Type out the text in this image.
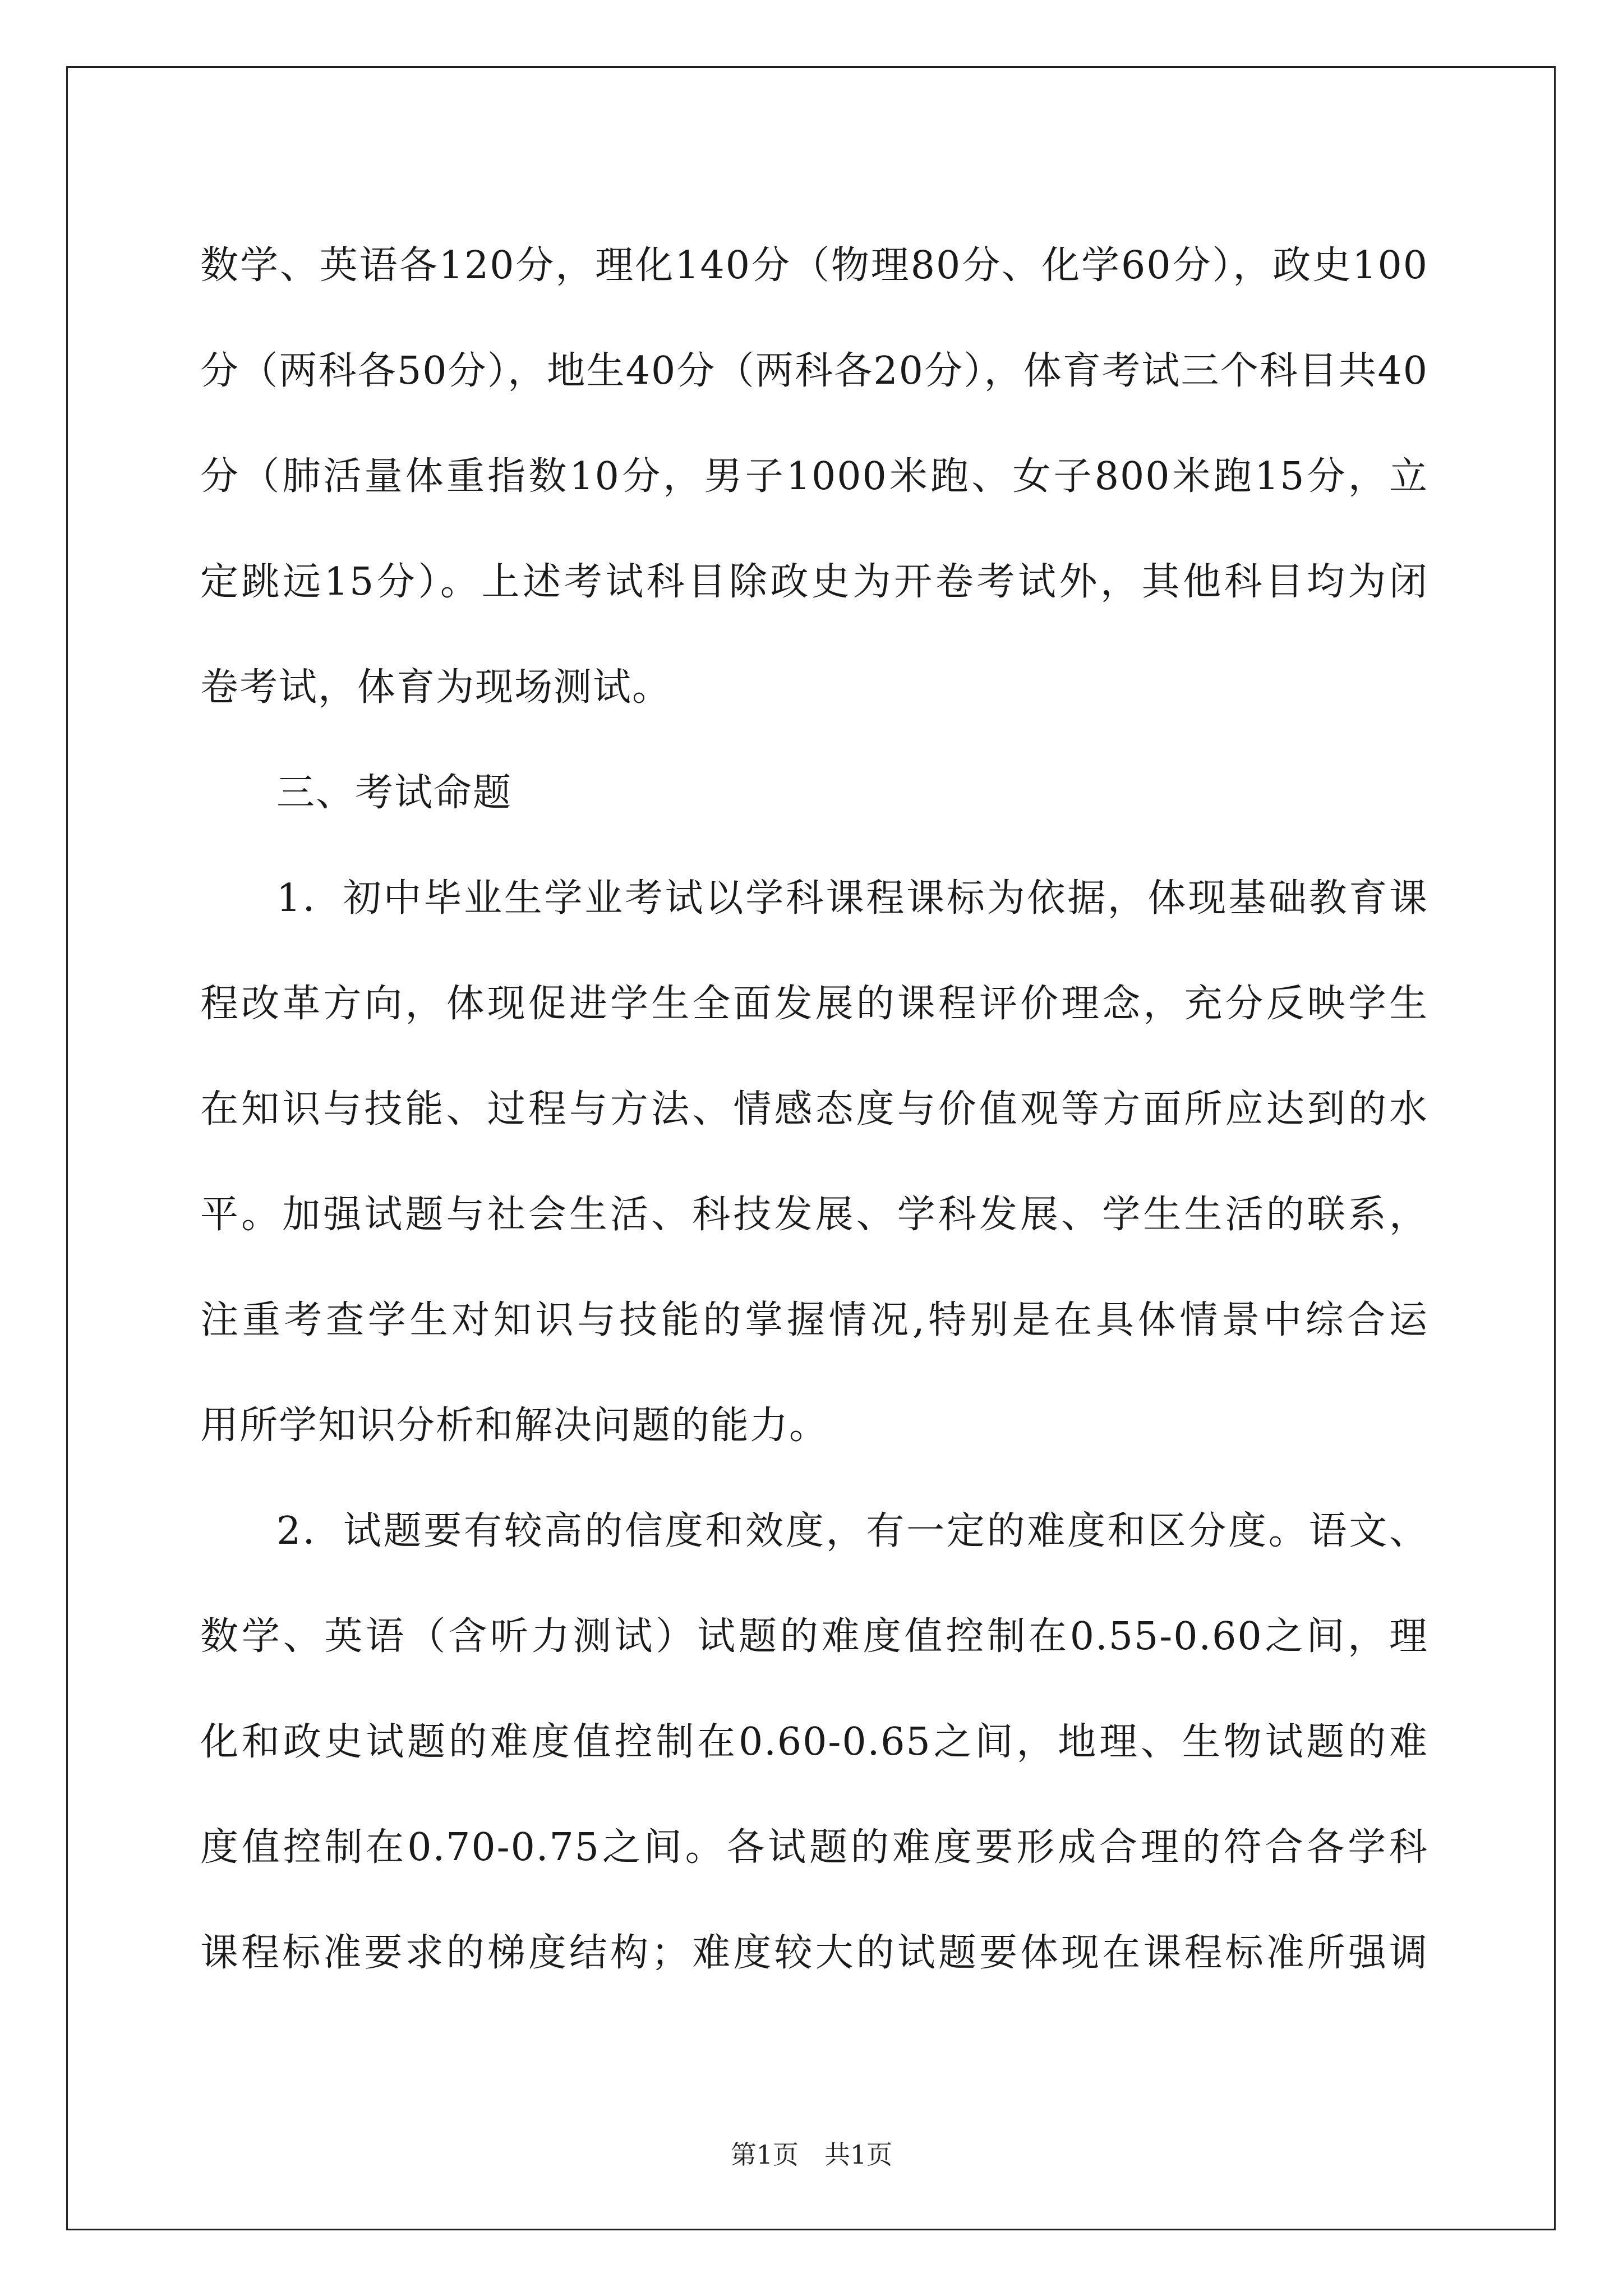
数学、英语各120分，理化140分（物理80分、化学60分），政史100
分（两科各50分），地生40分（两科各20分），体育考试三个科目共40
分（肺活量体重指数10分，男子1000米跑、女子800米跑15分，立
定跳远15分）。上述考试科目除政史为开卷考试外，其他科目均为闭
卷考试，体育为现场测试。
三、考试命题
1．初中毕业生学业考试以学科课程课标为依据，体现基础教育课
程改革方向，体现促进学生全面发展的课程评价理念，充分反映学生
在知识与技能、过程与方法、情感态度与价值观等方面所应达到的水
平。加强试题与社会生活、科技发展、学科发展、学生生活的联系，
注重考查学生对知识与技能的掌握情况,特别是在具体情景中综合运
用所学知识分析和解决问题的能力。
2．试题要有较高的信度和效度，有一定的难度和区分度。语文、
数学、英语（含听力测试）试题的难度值控制在0.55-0.60之间，理
化和政史试题的难度值控制在0.60-0.65之间，地理、生物试题的难
度值控制在0.70-0.75之间。各试题的难度要形成合理的符合各学科
课程标准要求的梯度结构；难度较大的试题要体现在课程标准所强调
第1页　共1页
